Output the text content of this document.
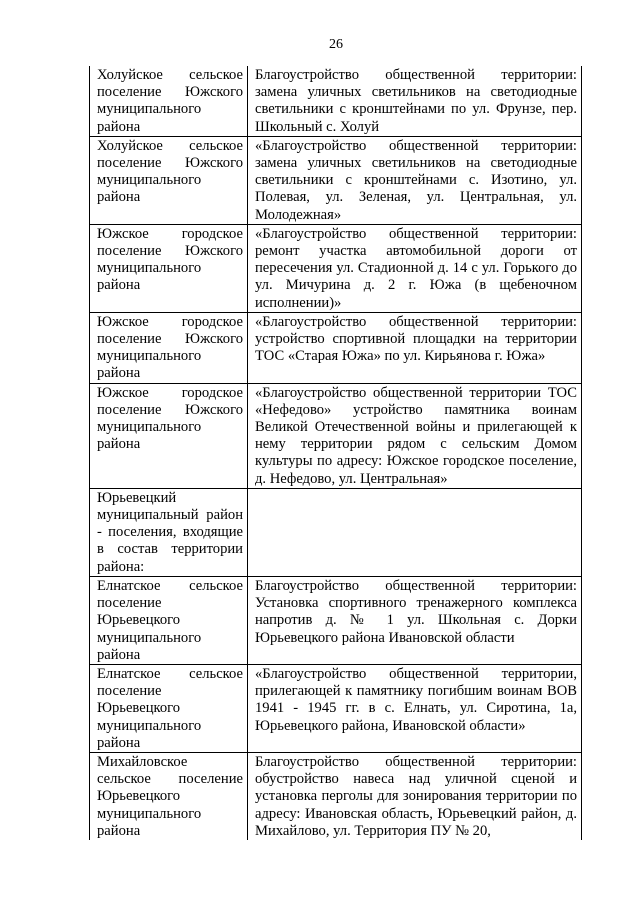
26
Холуйское сельское поселение Южского муниципального района	Благоустройство общественной территории: замена уличных светильников на светодиодные светильники с кронштейнами по ул. Фрунзе, пер. Школьный с. Холуй
Холуйское сельское поселение Южского муниципального района	«Благоустройство общественной территории: замена уличных светильников на светодиодные светильники с кронштейнами с. Изотино, ул. Полевая, ул. Зеленая, ул. Центральная, ул. Молодежная»
Южское городское поселение Южского муниципального района	«Благоустройство общественной территории: ремонт участка автомобильной дороги от пересечения ул. Стадионной д. 14 с ул. Горького до ул. Мичурина д. 2 г. Южа (в щебеночном исполнении)»
Южское городское поселение Южского муниципального района	«Благоустройство общественной территории: устройство спортивной площадки на территории ТОС «Старая Южа» по ул. Кирьянова г. Южа»
Южское городское поселение Южского муниципального района	«Благоустройство общественной территории ТОС «Нефедово» устройство памятника воинам Великой Отечественной войны и прилегающей к нему территории рядом с сельским Домом культуры по адресу: Южское городское поселение, д. Нефедово, ул. Центральная»
Юрьевецкий муниципальный район - поселения, входящие в состав территории района:	
Елнатское сельское поселение Юрьевецкого муниципального района	Благоустройство общественной территории: Установка спортивного тренажерного комплекса напротив д. № 1 ул. Школьная с. Дорки Юрьевецкого района Ивановской области
Елнатское сельское поселение Юрьевецкого муниципального района	«Благоустройство общественной территории, прилегающей к памятнику погибшим воинам ВОВ 1941 - 1945 гг. в с. Елнать, ул. Сиротина, 1а, Юрьевецкого района, Ивановской области»
Михайловское сельское поселение Юрьевецкого муниципального района	Благоустройство общественной территории: обустройство навеса над уличной сценой и установка перголы для зонирования территории по адресу: Ивановская область, Юрьевецкий район, д. Михайлово, ул. Территория ПУ № 20,
